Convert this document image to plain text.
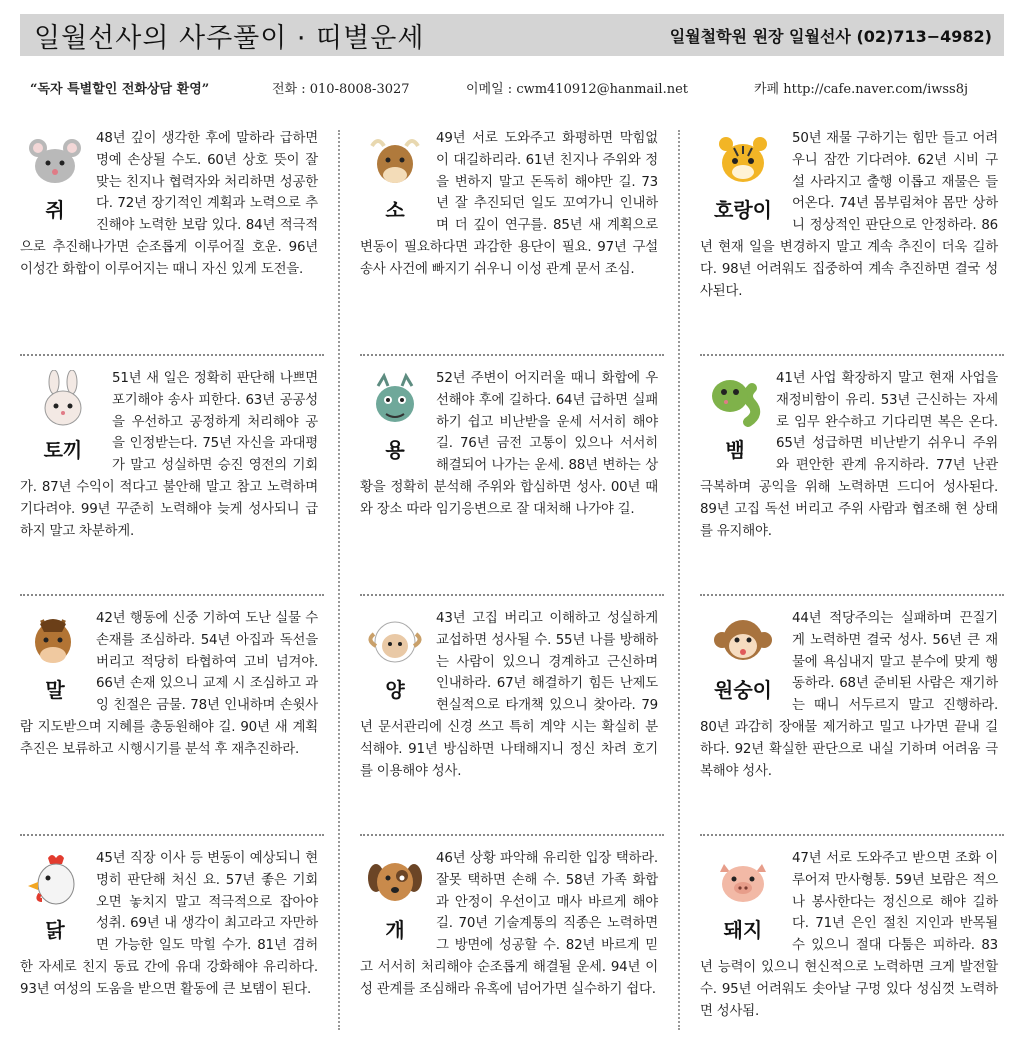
일월선사의 사주풀이 · 띠별운세	일월철학원 원장 일월선사 (02)713−4982)
“독자 특별할인 전화상담 환영”	전화 : 010-8008-3027	이메일 : cwm410912@hanmail.net	카페 http://cafe.naver.com/iwss8j
쥐
48년 깊이 생각한 후에 말하라 급하면 명예 손상될 수도. 60년 상호 뜻이 잘 맞는 친지나 협력자와 처리하면 성공한다. 72년 장기적인 계획과 노력으로 추진해야 노력한 보람 있다. 84년 적극적으로 추진해나가면 순조롭게 이루어질 호운. 96년 이성간 화합이 이루어지는 때니 자신 있게 도전을.
소
49년 서로 도와주고 화평하면 막힘없이 대길하리라. 61년 친지나 주위와 정을 변하지 말고 돈독히 해야만 길. 73년 잘 추진되던 일도 꼬여가니 인내하며 더 깊이 연구를. 85년 새 계획으로 변동이 필요하다면 과감한 용단이 필요. 97년 구설 송사 사건에 빠지기 쉬우니 이성 관계 문서 조심.
호랑이
50년 재물 구하기는 힘만 들고 어려우니 잠깐 기다려야. 62년 시비 구설 사라지고 출행 이롭고 재물은 들어온다. 74년 몸부림쳐야 몸만 상하니 정상적인 판단으로 안정하라. 86년 현재 일을 변경하지 말고 계속 추진이 더욱 길하다. 98년 어려워도 집중하여 계속 추진하면 결국 성사된다.
토끼
51년 새 일은 정확히 판단해 나쁘면 포기해야 송사 피한다. 63년 공공성을 우선하고 공정하게 처리해야 공을 인정받는다. 75년 자신을 과대평가 말고 성실하면 승진 영전의 기회가. 87년 수익이 적다고 불안해 말고 참고 노력하며 기다려야. 99년 꾸준히 노력해야 늦게 성사되니 급하지 말고 차분하게.
용
52년 주변이 어지러울 때니 화합에 우선해야 후에 길하다. 64년 급하면 실패하기 쉽고 비난받을 운세 서서히 해야 길. 76년 금전 고통이 있으나 서서히 해결되어 나가는 운세. 88년 변하는 상황을 정확히 분석해 주위와 합심하면 성사. 00년 때와 장소 따라 임기응변으로 잘 대처해 나가야 길.
뱀
41년 사업 확장하지 말고 현재 사업을 재정비함이 유리. 53년 근신하는 자세로 임무 완수하고 기다리면 복은 온다. 65년 성급하면 비난받기 쉬우니 주위와 편안한 관계 유지하라. 77년 난관 극복하며 공익을 위해 노력하면 드디어 성사된다. 89년 고집 독선 버리고 주위 사람과 협조해 현 상태를 유지해야.
말
42년 행동에 신중 기하여 도난 실물 수 손재를 조심하라. 54년 아집과 독선을 버리고 적당히 타협하여 고비 넘겨야. 66년 손재 있으니 교제 시 조심하고 과잉 친절은 금물. 78년 인내하며 손윗사람 지도받으며 지혜를 총동원해야 길. 90년 새 계획추진은 보류하고 시행시기를 분석 후 재추진하라.
양
43년 고집 버리고 이해하고 성실하게 교섭하면 성사될 수. 55년 나를 방해하는 사람이 있으니 경계하고 근신하며 인내하라. 67년 해결하기 힘든 난제도 현실적으로 타개책 있으니 찾아라. 79년 문서관리에 신경 쓰고 특히 계약 시는 확실히 분석해야. 91년 방심하면 나태해지니 정신 차려 호기를 이용해야 성사.
원숭이
44년 적당주의는 실패하며 끈질기게 노력하면 결국 성사. 56년 큰 재물에 욕심내지 말고 분수에 맞게 행동하라. 68년 준비된 사람은 재기하는 때니 서두르지 말고 진행하라. 80년 과감히 장애물 제거하고 밀고 나가면 끝내 길하다. 92년 확실한 판단으로 내실 기하며 어려움 극복해야 성사.
닭
45년 직장 이사 등 변동이 예상되니 현명히 판단해 처신 요. 57년 좋은 기회 오면 놓치지 말고 적극적으로 잡아야 성취. 69년 내 생각이 최고라고 자만하면 가능한 일도 막힐 수가. 81년 겸허한 자세로 친지 동료 간에 유대 강화해야 유리하다. 93년 여성의 도움을 받으면 활동에 큰 보탬이 된다.
개
46년 상황 파악해 유리한 입장 택하라. 잘못 택하면 손해 수. 58년 가족 화합과 안정이 우선이고 매사 바르게 해야 길. 70년 기술계통의 직종은 노력하면 그 방면에 성공할 수. 82년 바르게 믿고 서서히 처리해야 순조롭게 해결될 운세. 94년 이성 관계를 조심해라 유혹에 넘어가면 실수하기 쉽다.
돼지
47년 서로 도와주고 받으면 조화 이루어져 만사형통. 59년 보람은 적으나 봉사한다는 정신으로 해야 길하다. 71년 은인 절친 지인과 반목될 수 있으니 절대 다툼은 피하라. 83년 능력이 있으니 현신적으로 노력하면 크게 발전할 수. 95년 어려워도 솟아날 구멍 있다 성심껏 노력하면 성사됨.
